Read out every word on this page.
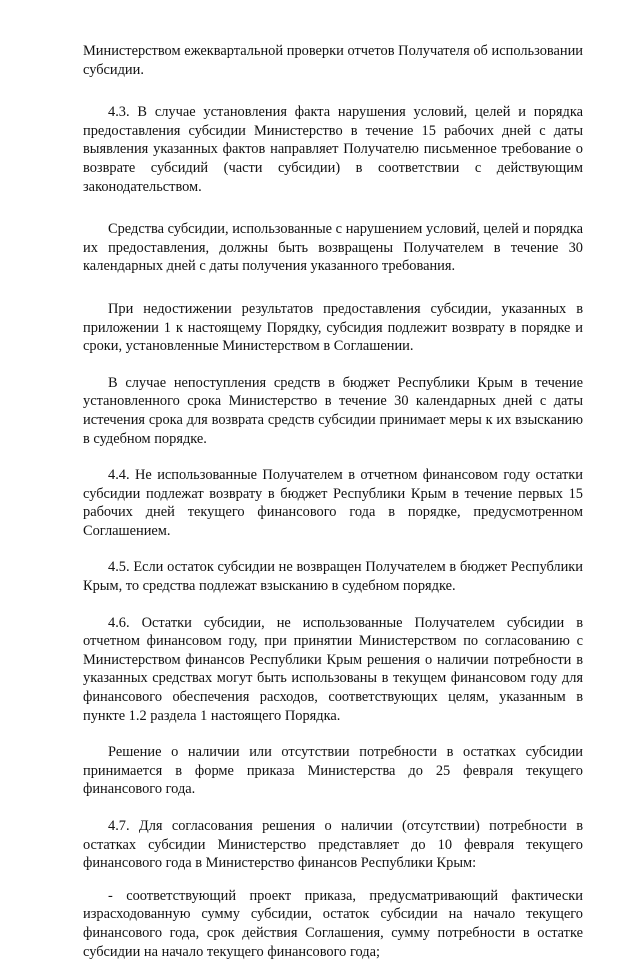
Министерством ежеквартальной проверки отчетов Получателя об использовании субсидии.

4.3. В случае установления факта нарушения условий, целей и порядка предоставления субсидии Министерство в течение 15 рабочих дней с даты выявления указанных фактов направляет Получателю письменное требование о возврате субсидий (части субсидии) в соответствии с действующим законодательством.

Средства субсидии, использованные с нарушением условий, целей и порядка их предоставления, должны быть возвращены Получателем в течение 30 календарных дней с даты получения указанного требования.

При недостижении результатов предоставления субсидии, указанных в приложении 1 к настоящему Порядку, субсидия подлежит возврату в порядке и сроки, установленные Министерством в Соглашении.

В случае непоступления средств в бюджет Республики Крым в течение установленного срока Министерство в течение 30 календарных дней с даты истечения срока для возврата средств субсидии принимает меры к их взысканию в судебном порядке.

4.4. Не использованные Получателем в отчетном финансовом году остатки субсидии подлежат возврату в бюджет Республики Крым в течение первых 15 рабочих дней текущего финансового года в порядке, предусмотренном Соглашением.

4.5. Если остаток субсидии не возвращен Получателем в бюджет Республики Крым, то средства подлежат взысканию в судебном порядке.

4.6. Остатки субсидии, не использованные Получателем субсидии в отчетном финансовом году, при принятии Министерством по согласованию с Министерством финансов Республики Крым решения о наличии потребности в указанных средствах могут быть использованы в текущем финансовом году для финансового обеспечения расходов, соответствующих целям, указанным в пункте 1.2 раздела 1 настоящего Порядка.

Решение о наличии или отсутствии потребности в остатках субсидии принимается в форме приказа Министерства до 25 февраля текущего финансового года.

4.7. Для согласования решения о наличии (отсутствии) потребности в остатках субсидии Министерство представляет до 10 февраля текущего финансового года в Министерство финансов Республики Крым:

- соответствующий проект приказа, предусматривающий фактически израсходованную сумму субсидии, остаток субсидии на начало текущего финансового года, срок действия Соглашения, сумму потребности в остатке субсидии на начало текущего финансового года;
